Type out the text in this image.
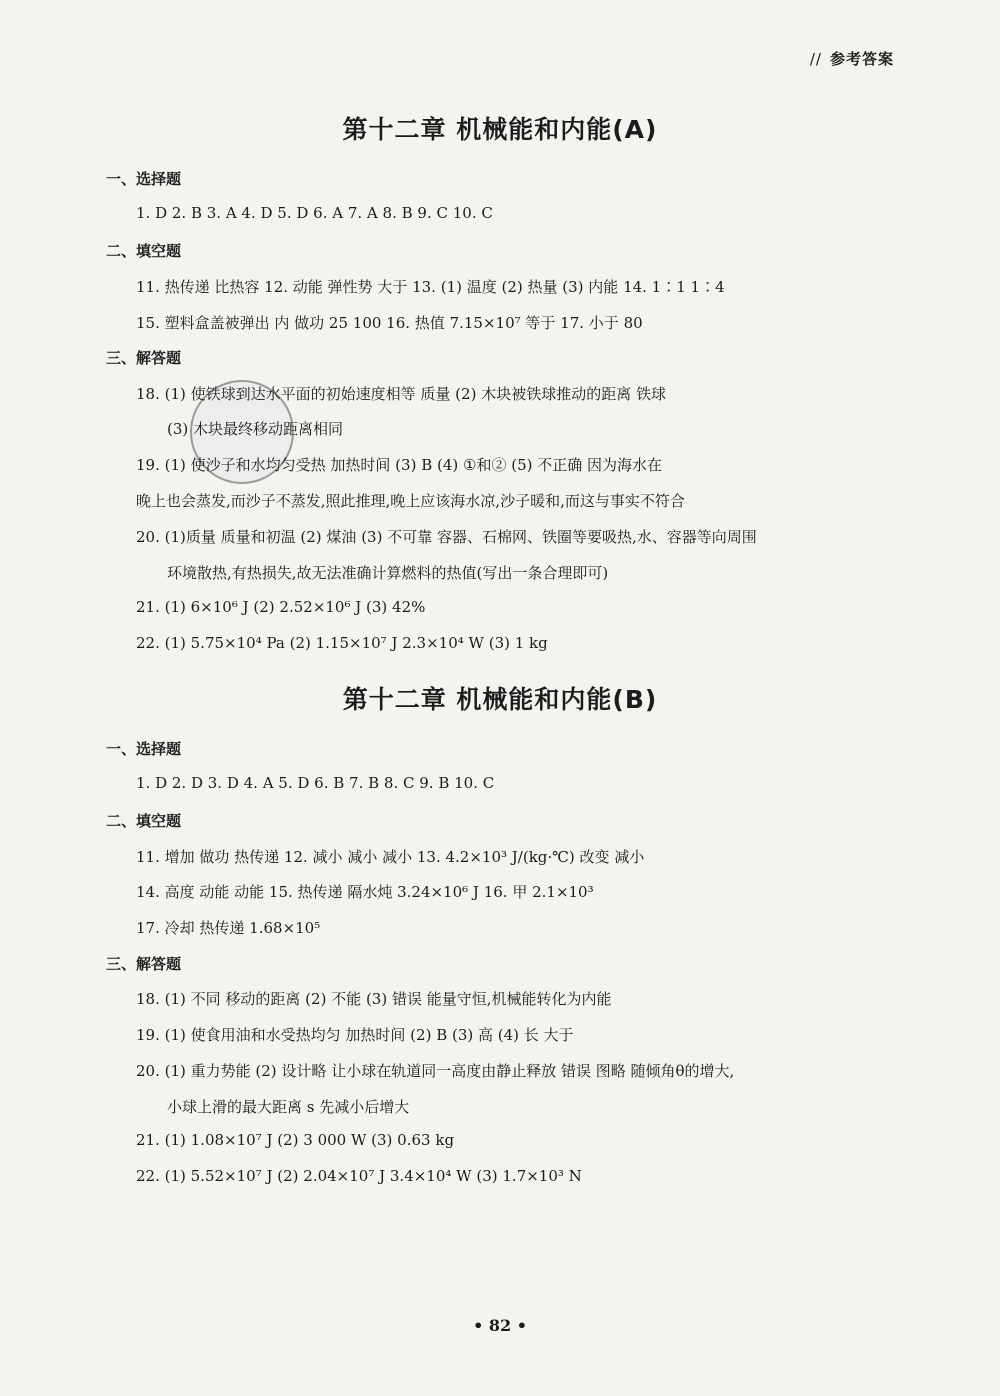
// 参考答案
第十二章 机械能和内能(A)
一、选择题
1. D 2. B 3. A 4. D 5. D 6. A 7. A 8. B 9. C 10. C
二、填空题
11. 热传递 比热容 12. 动能 弹性势 大于 13. (1) 温度 (2) 热量 (3) 内能 14. 1∶1 1∶4
15. 塑料盒盖被弹出 内 做功 25 100 16. 热值 7.15×10⁷ 等于 17. 小于 80
三、解答题
18. (1) 使铁球到达水平面的初始速度相等 质量 (2) 木块被铁球推动的距离 铁球
(3) 木块最终移动距离相同
19. (1) 使沙子和水均匀受热 加热时间 (3) B (4) ①和② (5) 不正确 因为海水在
晚上也会蒸发,而沙子不蒸发,照此推理,晚上应该海水凉,沙子暖和,而这与事实不符合
20. (1)质量 质量和初温 (2) 煤油 (3) 不可靠 容器、石棉网、铁圈等要吸热,水、容器等向周围
环境散热,有热损失,故无法准确计算燃料的热值(写出一条合理即可)
21. (1) 6×10⁶ J (2) 2.52×10⁶ J (3) 42%
22. (1) 5.75×10⁴ Pa (2) 1.15×10⁷ J 2.3×10⁴ W (3) 1 kg
第十二章 机械能和内能(B)
一、选择题
1. D 2. D 3. D 4. A 5. D 6. B 7. B 8. C 9. B 10. C
二、填空题
11. 增加 做功 热传递 12. 减小 减小 减小 13. 4.2×10³ J/(kg·℃) 改变 减小
14. 高度 动能 动能 15. 热传递 隔水炖 3.24×10⁶ J 16. 甲 2.1×10³
17. 冷却 热传递 1.68×10⁵
三、解答题
18. (1) 不同 移动的距离 (2) 不能 (3) 错误 能量守恒,机械能转化为内能
19. (1) 使食用油和水受热均匀 加热时间 (2) B (3) 高 (4) 长 大于
20. (1) 重力势能 (2) 设计略 让小球在轨道同一高度由静止释放 错误 图略 随倾角θ的增大,
小球上滑的最大距离 s 先减小后增大
21. (1) 1.08×10⁷ J (2) 3 000 W (3) 0.63 kg
22. (1) 5.52×10⁷ J (2) 2.04×10⁷ J 3.4×10⁴ W (3) 1.7×10³ N
• 82 •
